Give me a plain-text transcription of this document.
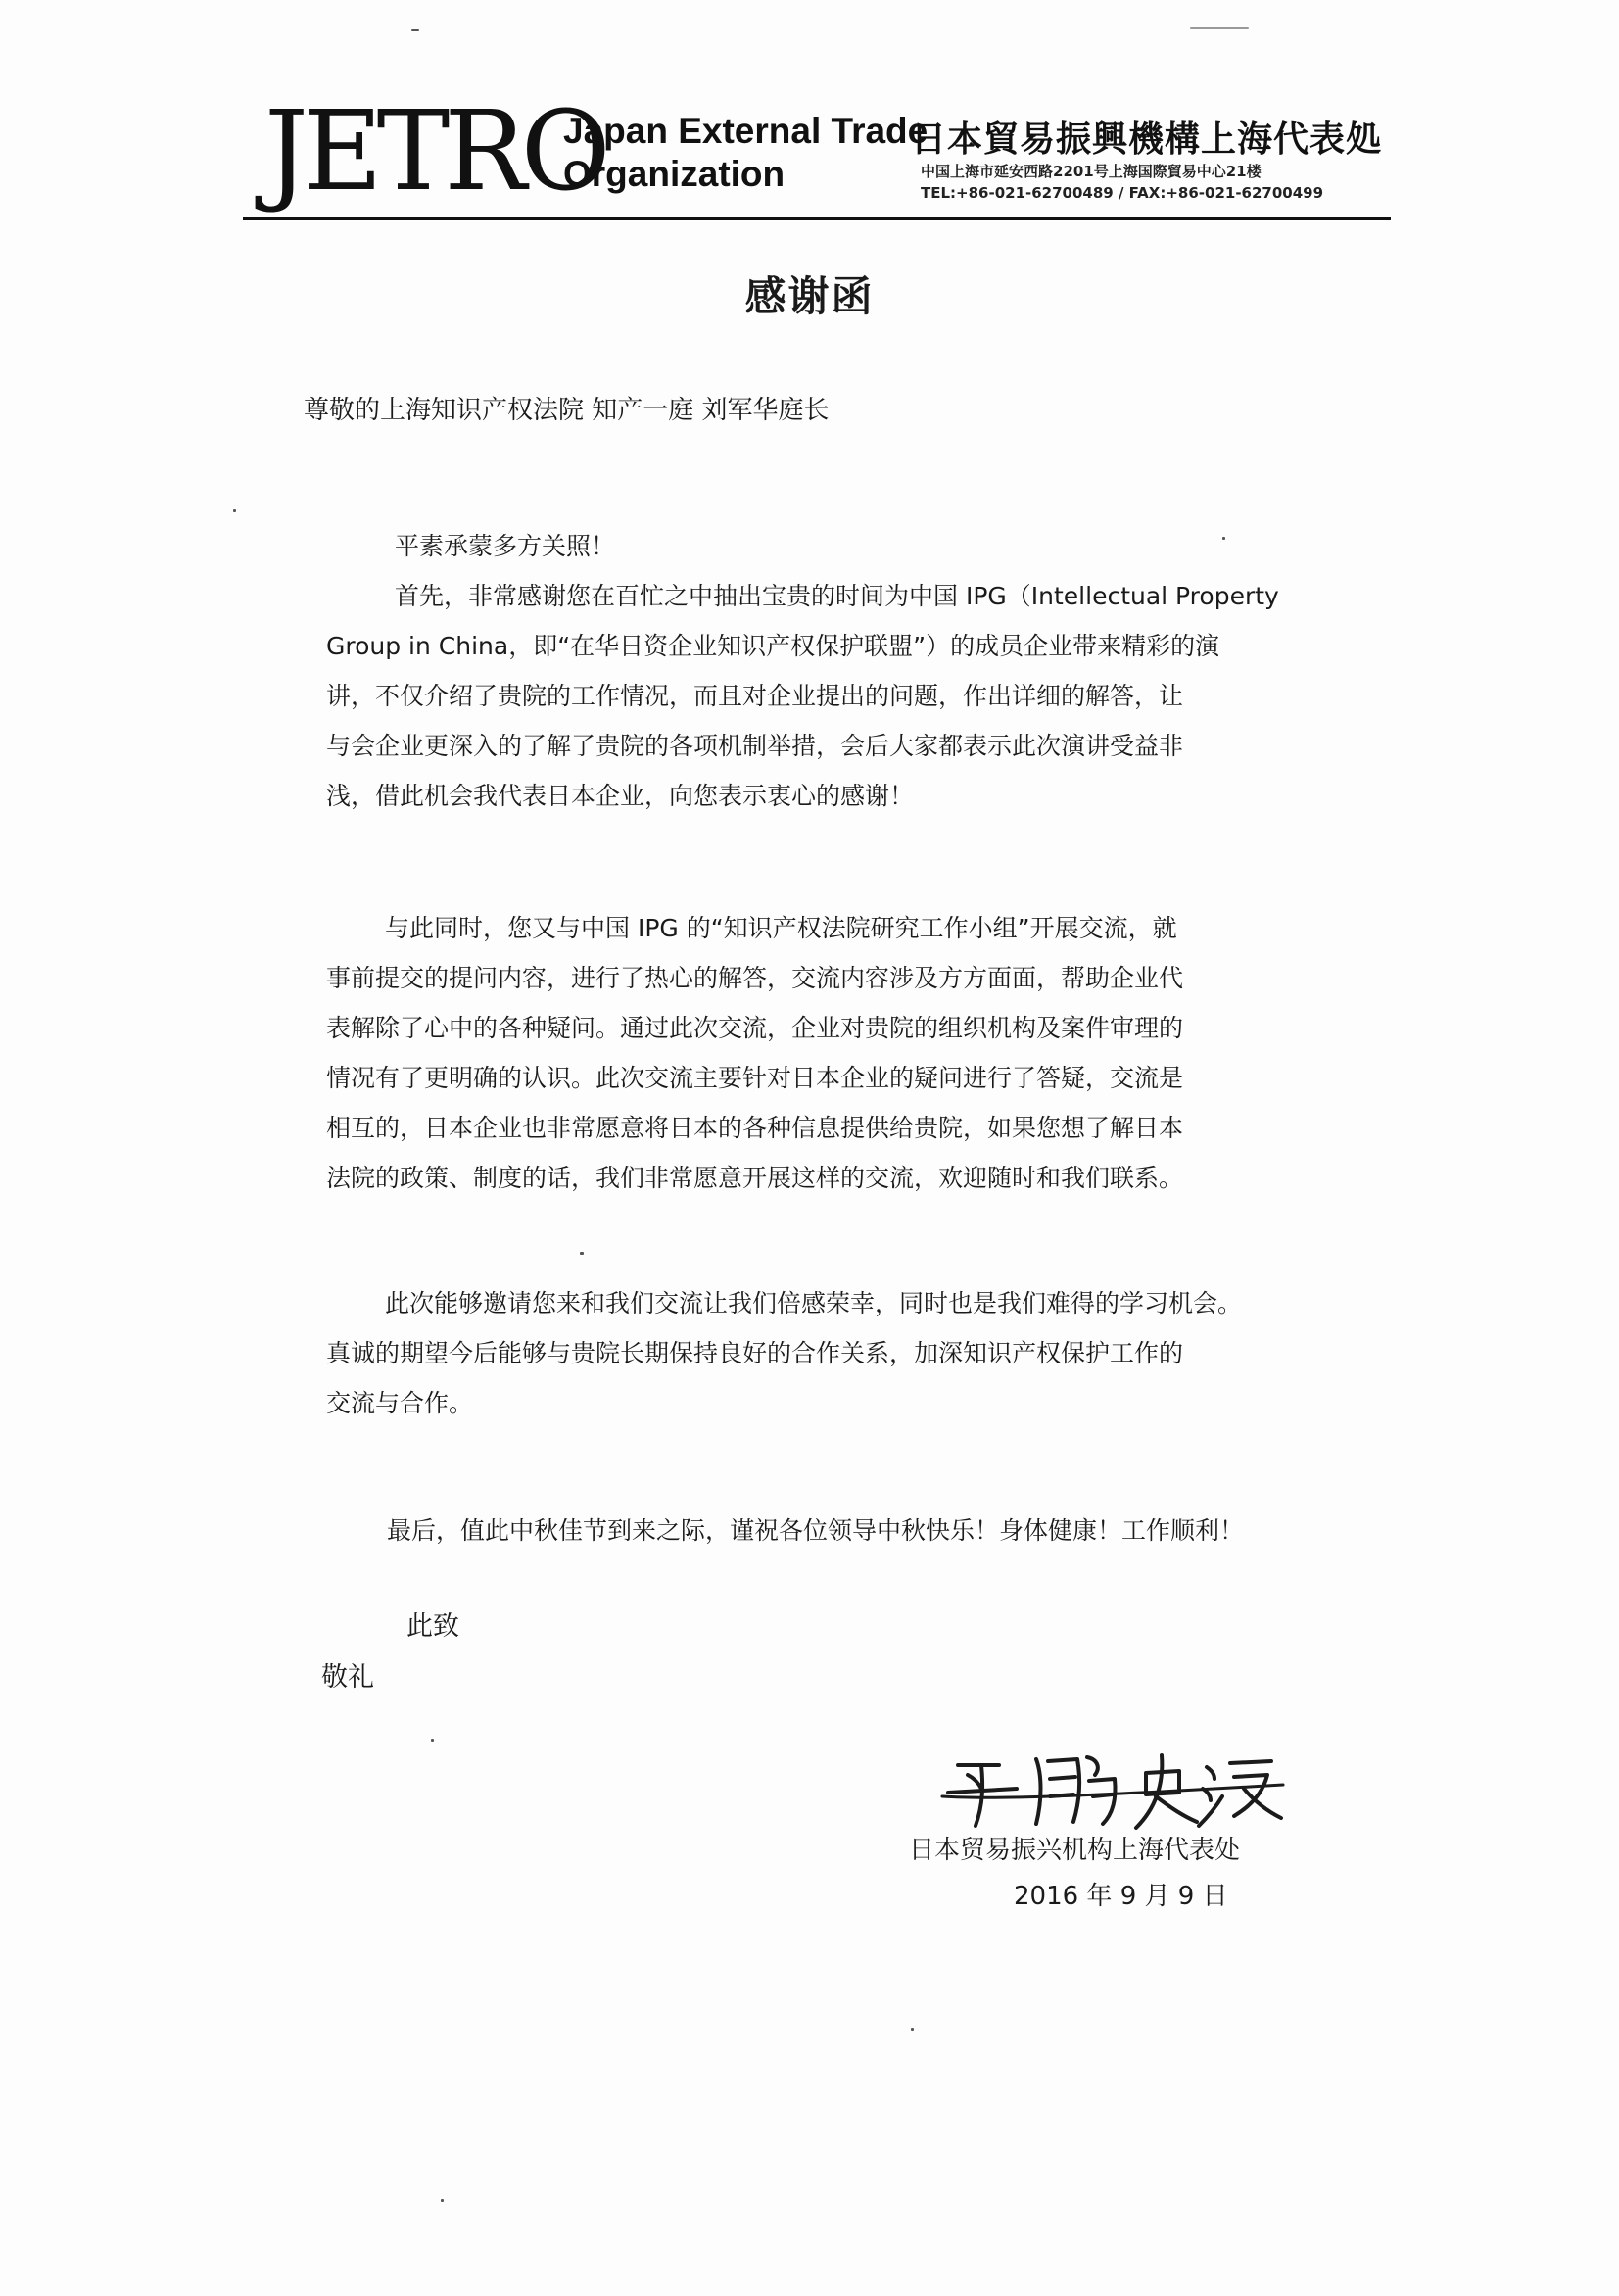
JETRO
Japan External Trade
Organization
日本貿易振興機構上海代表処
中国上海市延安西路2201号上海国際貿易中心21楼
TEL:+86-021-62700489 / FAX:+86-021-62700499
感谢函
尊敬的上海知识产权法院 知产一庭 刘军华庭长
平素承蒙多方关照！
首先，非常感谢您在百忙之中抽出宝贵的时间为中国 IPG（Intellectual Property
Group in China，即“在华日资企业知识产权保护联盟”）的成员企业带来精彩的演
讲，不仅介绍了贵院的工作情况，而且对企业提出的问题，作出详细的解答，让
与会企业更深入的了解了贵院的各项机制举措，会后大家都表示此次演讲受益非
浅，借此机会我代表日本企业，向您表示衷心的感谢！
与此同时，您又与中国 IPG 的“知识产权法院研究工作小组”开展交流，就
事前提交的提问内容，进行了热心的解答，交流内容涉及方方面面，帮助企业代
表解除了心中的各种疑问。通过此次交流，企业对贵院的组织机构及案件审理的
情况有了更明确的认识。此次交流主要针对日本企业的疑问进行了答疑，交流是
相互的，日本企业也非常愿意将日本的各种信息提供给贵院，如果您想了解日本
法院的政策、制度的话，我们非常愿意开展这样的交流，欢迎随时和我们联系。
此次能够邀请您来和我们交流让我们倍感荣幸，同时也是我们难得的学习机会。
真诚的期望今后能够与贵院长期保持良好的合作关系，加深知识产权保护工作的
交流与合作。
最后，值此中秋佳节到来之际，谨祝各位领导中秋快乐！身体健康！工作顺利！
此致
敬礼
日本贸易振兴机构上海代表处
2016 年 9 月 9 日
